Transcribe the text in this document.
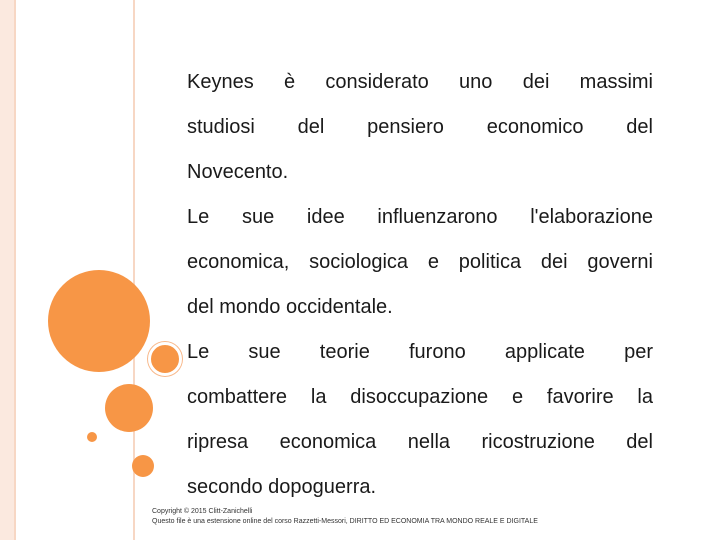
Keynes è considerato uno dei massimi
studiosi del pensiero economico del
Novecento.

Le sue idee influenzarono l'elaborazione
economica, sociologica e politica dei governi
del mondo occidentale.

Le sue teorie furono applicate per
combattere la disoccupazione e favorire la
ripresa economica nella ricostruzione del
secondo dopoguerra.

Copyright © 2015 Clitt-Zanichelli
Questo file è una estensione online del corso Razzetti-Messori, DIRITTO ED ECONOMIA TRA MONDO REALE E DIGITALE
